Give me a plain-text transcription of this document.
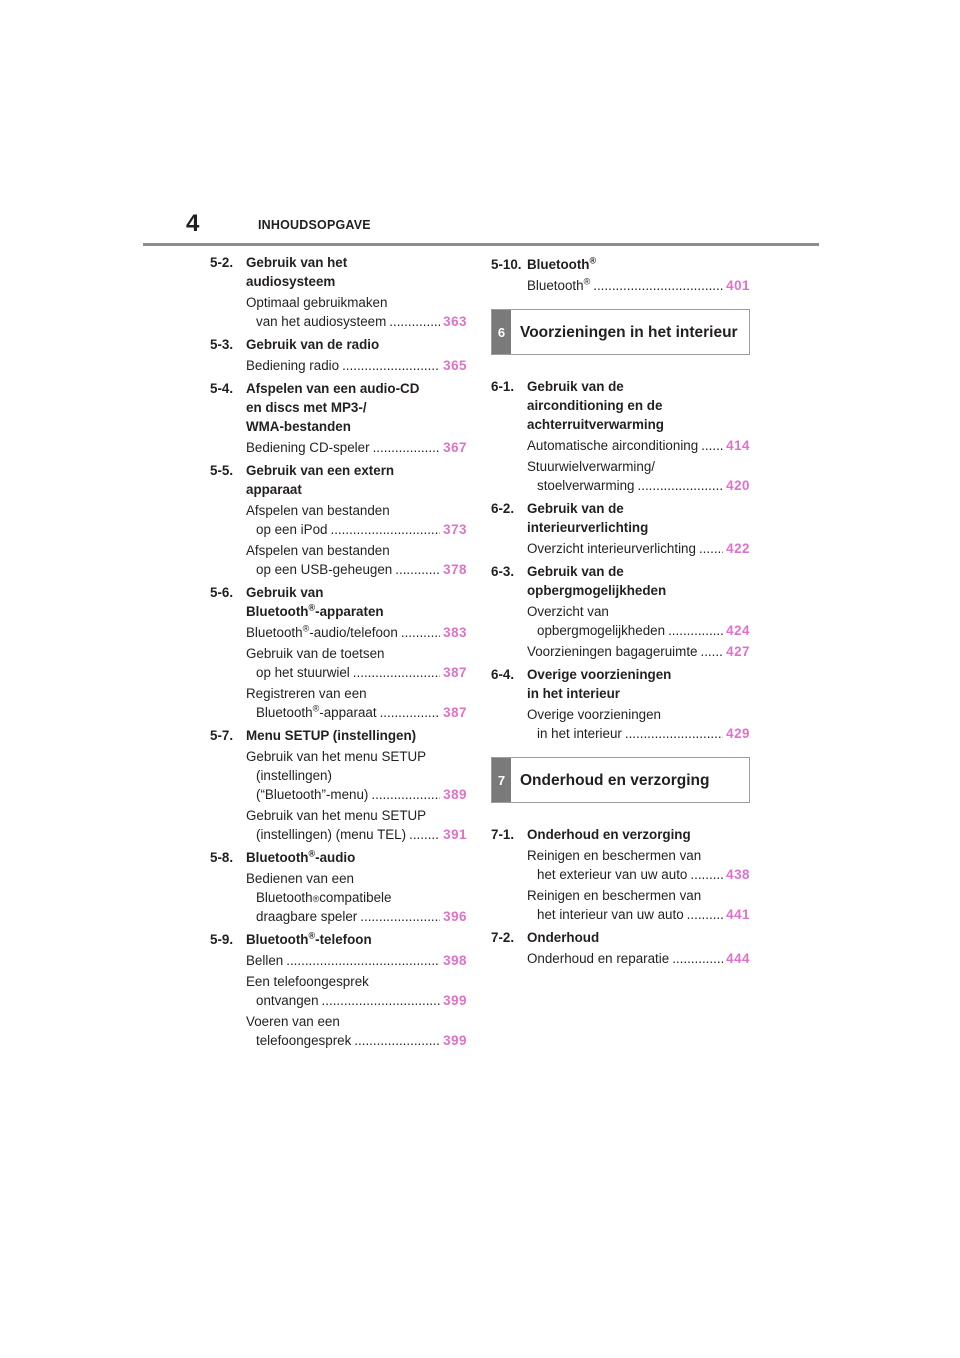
4	INHOUDSOPGAVE
5-2. Gebruik van het
audiosysteem
Optimaal gebruikmaken
van het audiosysteem .....	363
5-3. Gebruik van de radio
Bediening radio .....	365
5-4. Afspelen van een audio-CD
en discs met MP3-/
WMA-bestanden
Bediening CD-speler .....	367
5-5. Gebruik van een extern
apparaat
Afspelen van bestanden
op een iPod .....	373
Afspelen van bestanden
op een USB-geheugen .....	378
5-6. Gebruik van
Bluetooth®-apparaten
Bluetooth®-audio/telefoon .....	383
Gebruik van de toetsen
op het stuurwiel .....	387
Registreren van een
Bluetooth®-apparaat .....	387
5-7. Menu SETUP (instellingen)
Gebruik van het menu SETUP
(instellingen)
(“Bluetooth”-menu) .....	389
Gebruik van het menu SETUP
(instellingen) (menu TEL) .....	391
5-8. Bluetooth®-audio
Bedienen van een
Bluetooth ® compatibele
draagbare speler .....	396
5-9. Bluetooth®-telefoon
Bellen .....	398
Een telefoongesprek
ontvangen .....	399
Voeren van een
telefoongesprek .....	399
5-10. Bluetooth®
Bluetooth® .....	401
6 Voorzieningen in het interieur
6-1. Gebruik van de
airconditioning en de
achterruitverwarming
Automatische airconditioning ..... 414
Stuurwielverwarming/
stoelverwarming .....	420
6-2. Gebruik van de
interieurverlichting
Overzicht interieurverlichting ..... 422
6-3. Gebruik van de
opbergmogelijkheden
Overzicht van
opbergmogelijkheden .....	424
Voorzieningen bagageruimte ..... 427
6-4. Overige voorzieningen
in het interieur
Overige voorzieningen
in het interieur .....	429
7 Onderhoud en verzorging
7-1. Onderhoud en verzorging
Reinigen en beschermen van
het exterieur van uw auto .....	438
Reinigen en beschermen van
het interieur van uw auto .....	441
7-2. Onderhoud
Onderhoud en reparatie .....	444
